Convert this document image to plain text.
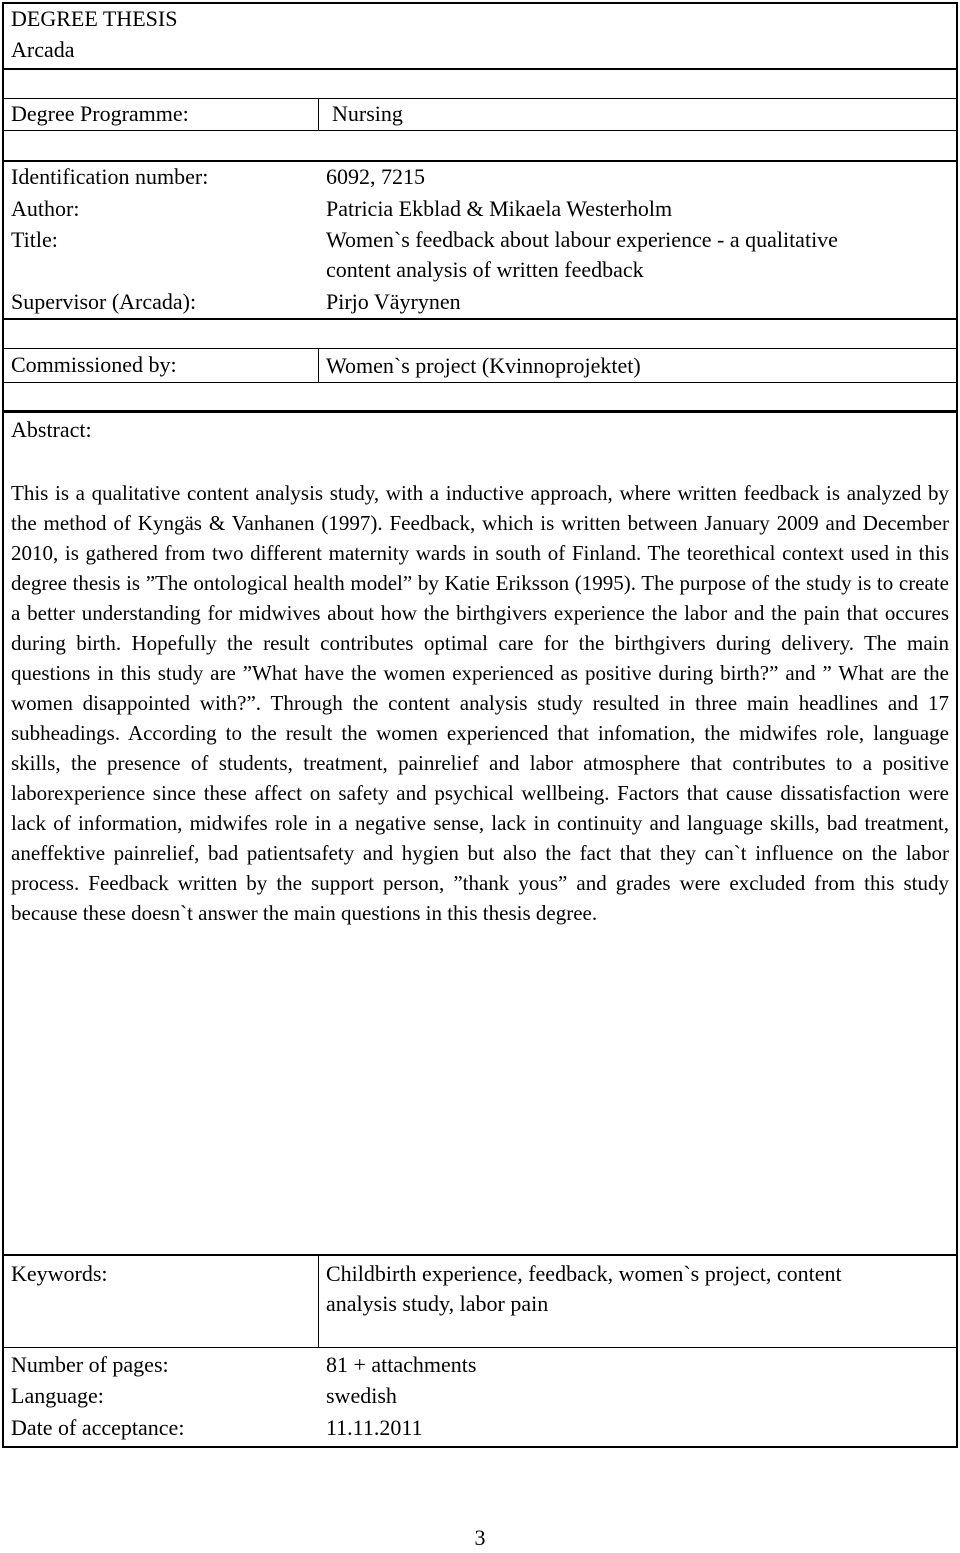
DEGREE THESIS
Arcada
Degree Programme:	Nursing
Identification number:	6092, 7215
Author:	Patricia Ekblad & Mikaela Westerholm
Title:	Women`s feedback about labour experience - a qualitative
content analysis of written feedback
Supervisor (Arcada):	Pirjo Väyrynen
Commissioned by:	Women`s project (Kvinnoprojektet)
Abstract:

This is a qualitative content analysis study, with a inductive approach, where written feedback is analyzed by the method of Kyngäs & Vanhanen (1997). Feedback, which is written between January 2009 and December 2010, is gathered from two different maternity wards in south of Finland. The teorethical context used in this degree thesis is ”The ontological health model” by Katie Eriksson (1995). The purpose of the study is to create a better understanding for midwives about how the birthgivers experience the labor and the pain that occures during birth. Hopefully the result contributes optimal care for the birthgivers during delivery. The main questions in this study are ”What have the women experienced as positive during birth?” and ” What are the women disappointed with?”. Through the content analysis study resulted in three main headlines and 17 subheadings. According to the result the women experienced that infomation, the midwifes role, language skills, the presence of students, treatment, painrelief and labor atmosphere that contributes to a positive laborexperience since these affect on safety and psychical wellbeing. Factors that cause dissatisfaction were lack of information, midwifes role in a negative sense, lack in continuity and language skills, bad treatment, aneffektive painrelief, bad patientsafety and hygien but also the fact that they can`t influence on the labor process. Feedback written by the support person, ”thank yous” and grades were excluded from this study because these doesn`t answer the main questions in this thesis degree.

Keywords:	Childbirth experience, feedback, women`s project, content
analysis study, labor pain
Number of pages:	81 + attachments
Language:	swedish
Date of acceptance:	11.11.2011
3
